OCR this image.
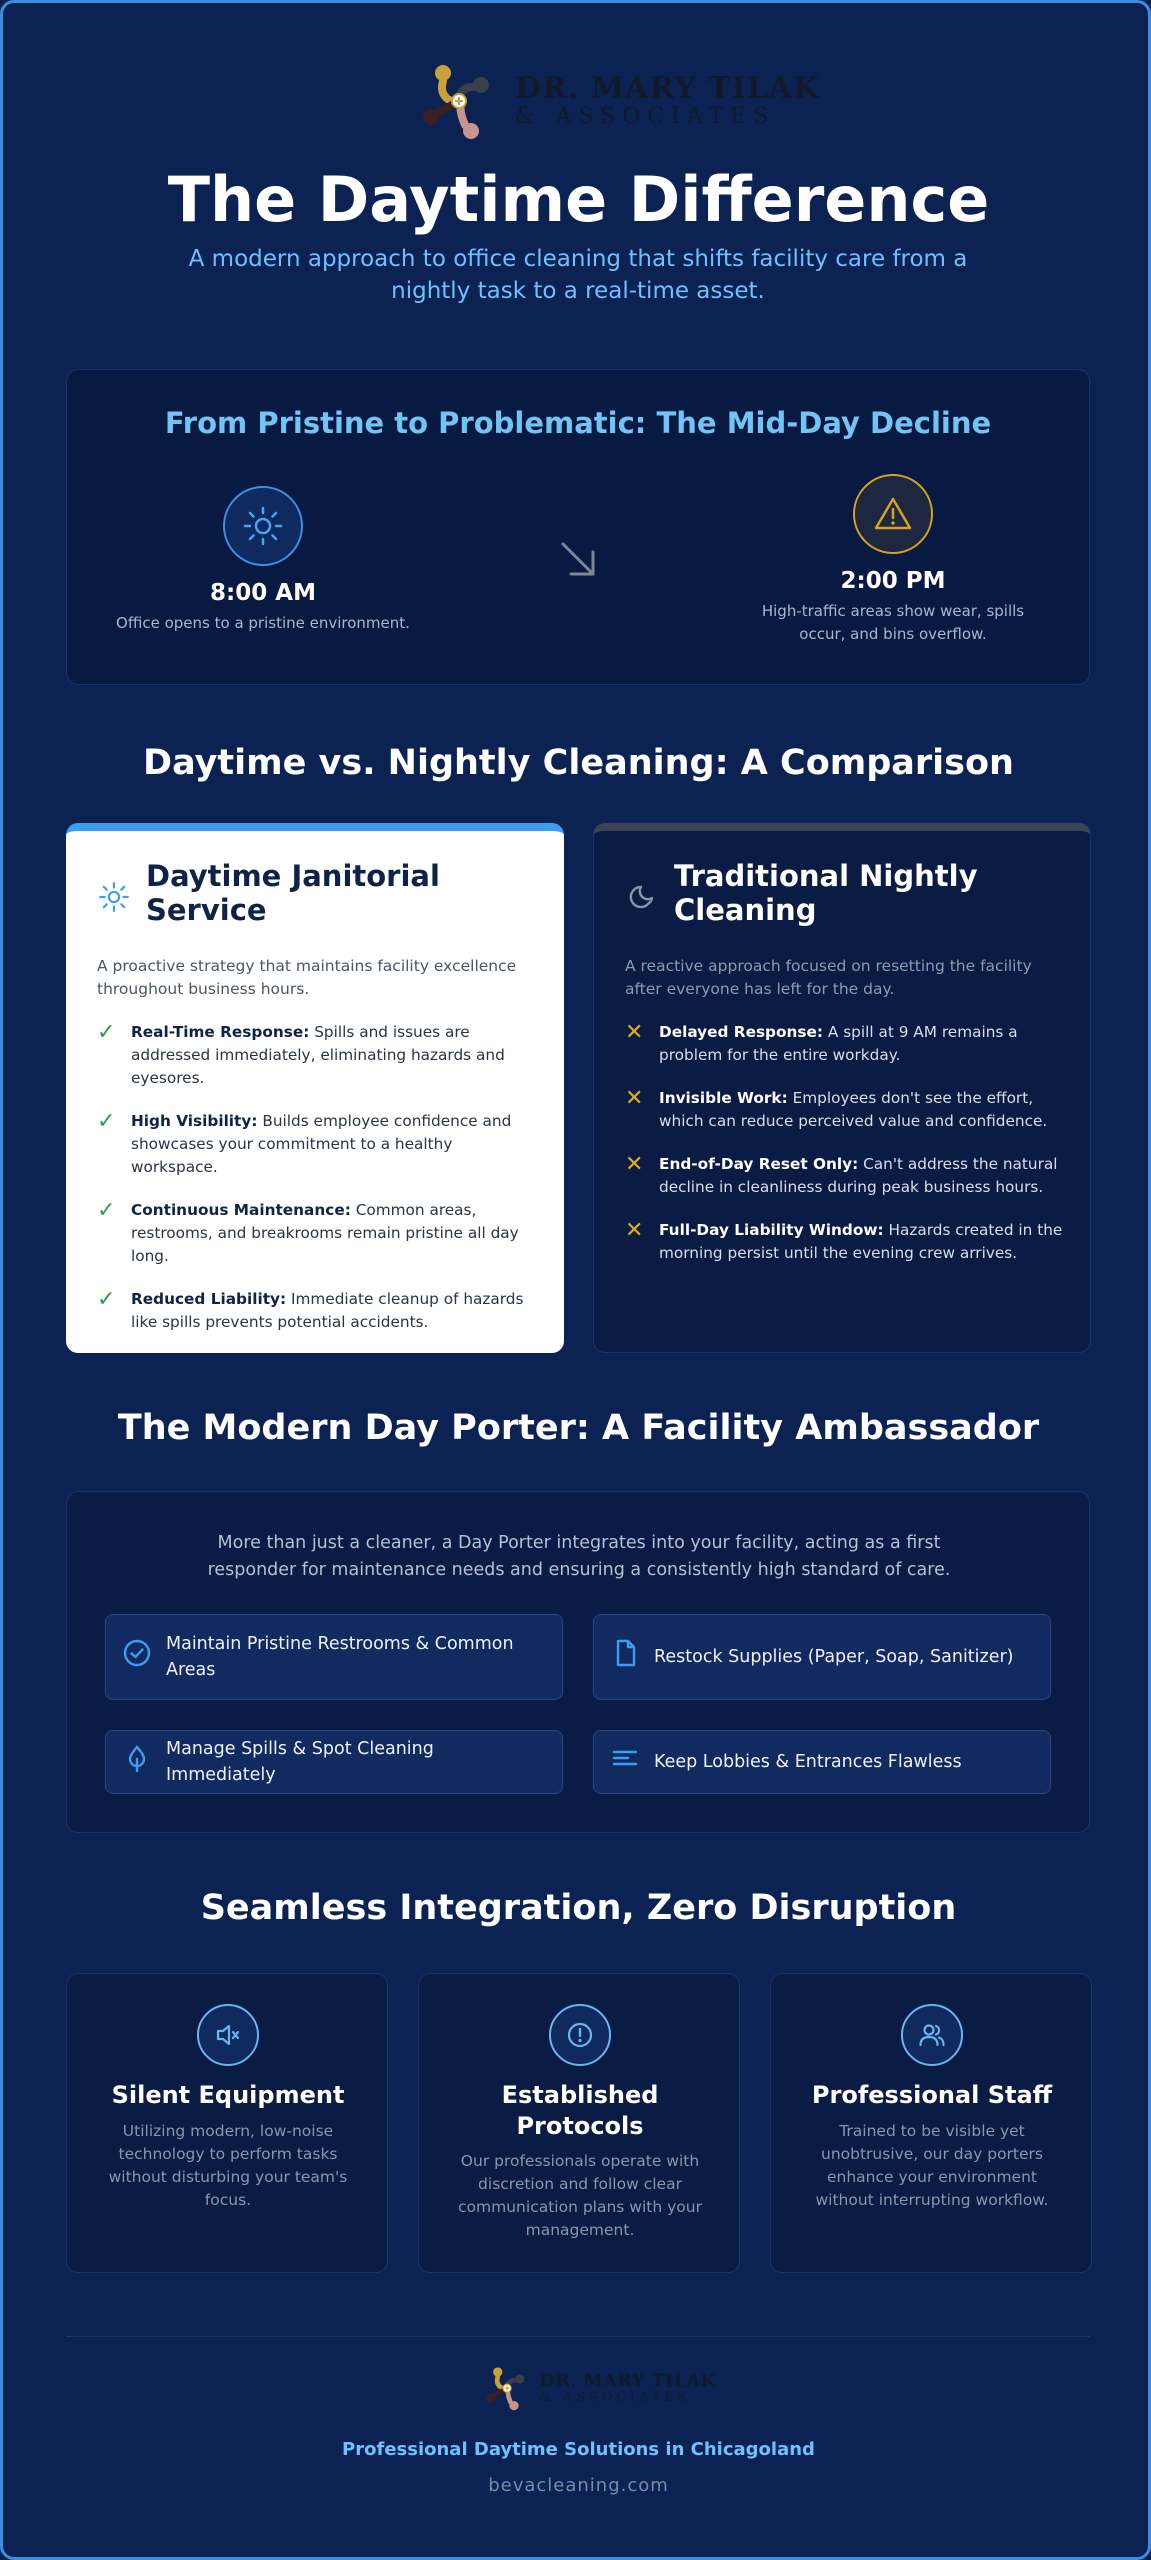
DR. MARY TILAK
& ASSOCIATES
The Daytime Difference
A modern approach to office cleaning that shifts facility care from a nightly task to a real-time asset.
From Pristine to Problematic: The Mid-Day Decline
8:00 AM
Office opens to a pristine environment.
2:00 PM
High-traffic areas show wear, spills occur, and bins overflow.
Daytime vs. Nightly Cleaning: A Comparison
Daytime Janitorial Service
A proactive strategy that maintains facility excellence throughout business hours.
✓ Real-Time Response: Spills and issues are addressed immediately, eliminating hazards and eyesores.
✓ High Visibility: Builds employee confidence and showcases your commitment to a healthy workspace.
✓ Continuous Maintenance: Common areas, restrooms, and breakrooms remain pristine all day long.
✓ Reduced Liability: Immediate cleanup of hazards like spills prevents potential accidents.
Traditional Nightly Cleaning
A reactive approach focused on resetting the facility after everyone has left for the day.
✕ Delayed Response: A spill at 9 AM remains a problem for the entire workday.
✕ Invisible Work: Employees don't see the effort, which can reduce perceived value and confidence.
✕ End-of-Day Reset Only: Can't address the natural decline in cleanliness during peak business hours.
✕ Full-Day Liability Window: Hazards created in the morning persist until the evening crew arrives.
The Modern Day Porter: A Facility Ambassador
More than just a cleaner, a Day Porter integrates into your facility, acting as a first responder for maintenance needs and ensuring a consistently high standard of care.
Maintain Pristine Restrooms & Common Areas
Restock Supplies (Paper, Soap, Sanitizer)
Manage Spills & Spot Cleaning Immediately
Keep Lobbies & Entrances Flawless
Seamless Integration, Zero Disruption
Silent Equipment
Utilizing modern, low-noise technology to perform tasks without disturbing your team's focus.
Established Protocols
Our professionals operate with discretion and follow clear communication plans with your management.
Professional Staff
Trained to be visible yet unobtrusive, our day porters enhance your environment without interrupting workflow.
DR. MARY TILAK
& ASSOCIATES
Professional Daytime Solutions in Chicagoland
bevacleaning.com
